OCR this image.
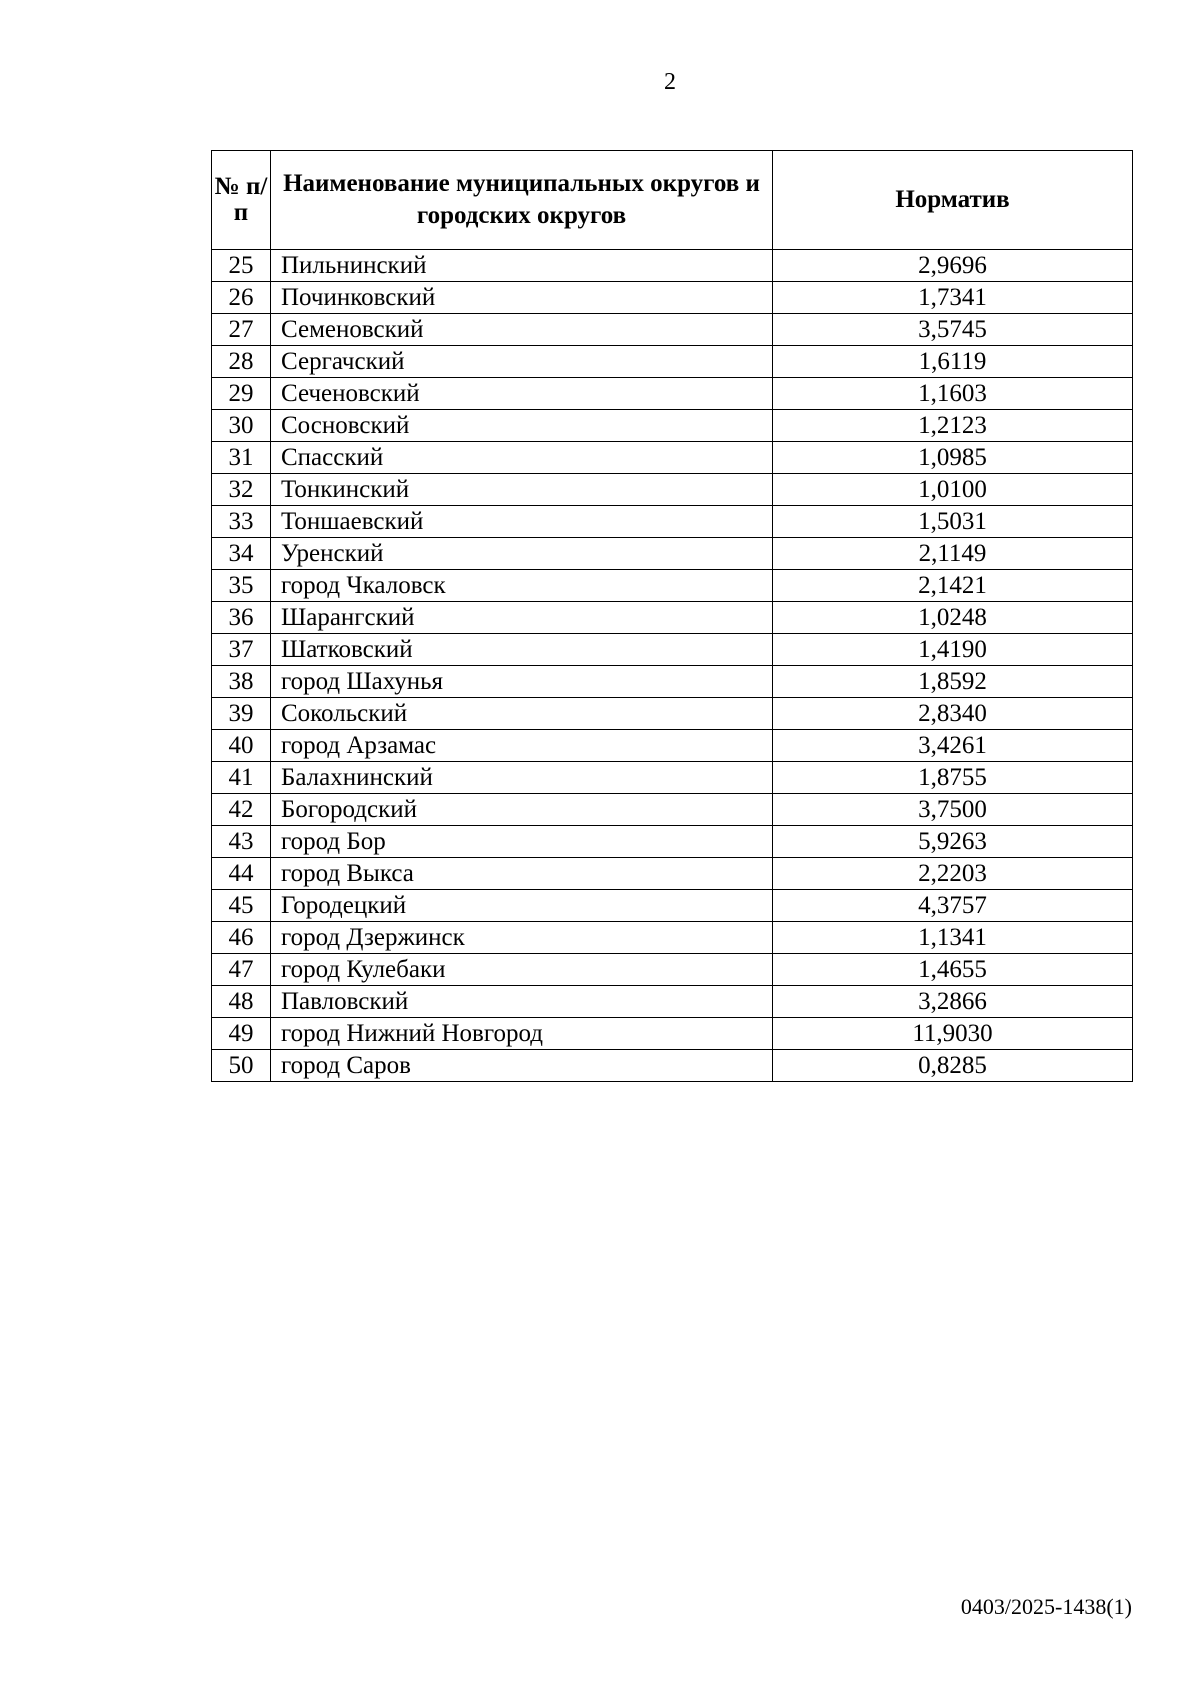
2
№ п/п	Наименование муниципальных округов и городских округов	Норматив
25	Пильнинский	2,9696
26	Починковский	1,7341
27	Семеновский	3,5745
28	Сергачский	1,6119
29	Сеченовский	1,1603
30	Сосновский	1,2123
31	Спасский	1,0985
32	Тонкинский	1,0100
33	Тоншаевский	1,5031
34	Уренский	2,1149
35	город Чкаловск	2,1421
36	Шарангский	1,0248
37	Шатковский	1,4190
38	город Шахунья	1,8592
39	Сокольский	2,8340
40	город Арзамас	3,4261
41	Балахнинский	1,8755
42	Богородский	3,7500
43	город Бор	5,9263
44	город Выкса	2,2203
45	Городецкий	4,3757
46	город Дзержинск	1,1341
47	город Кулебаки	1,4655
48	Павловский	3,2866
49	город Нижний Новгород	11,9030
50	город Саров	0,8285
0403/2025-1438(1)
